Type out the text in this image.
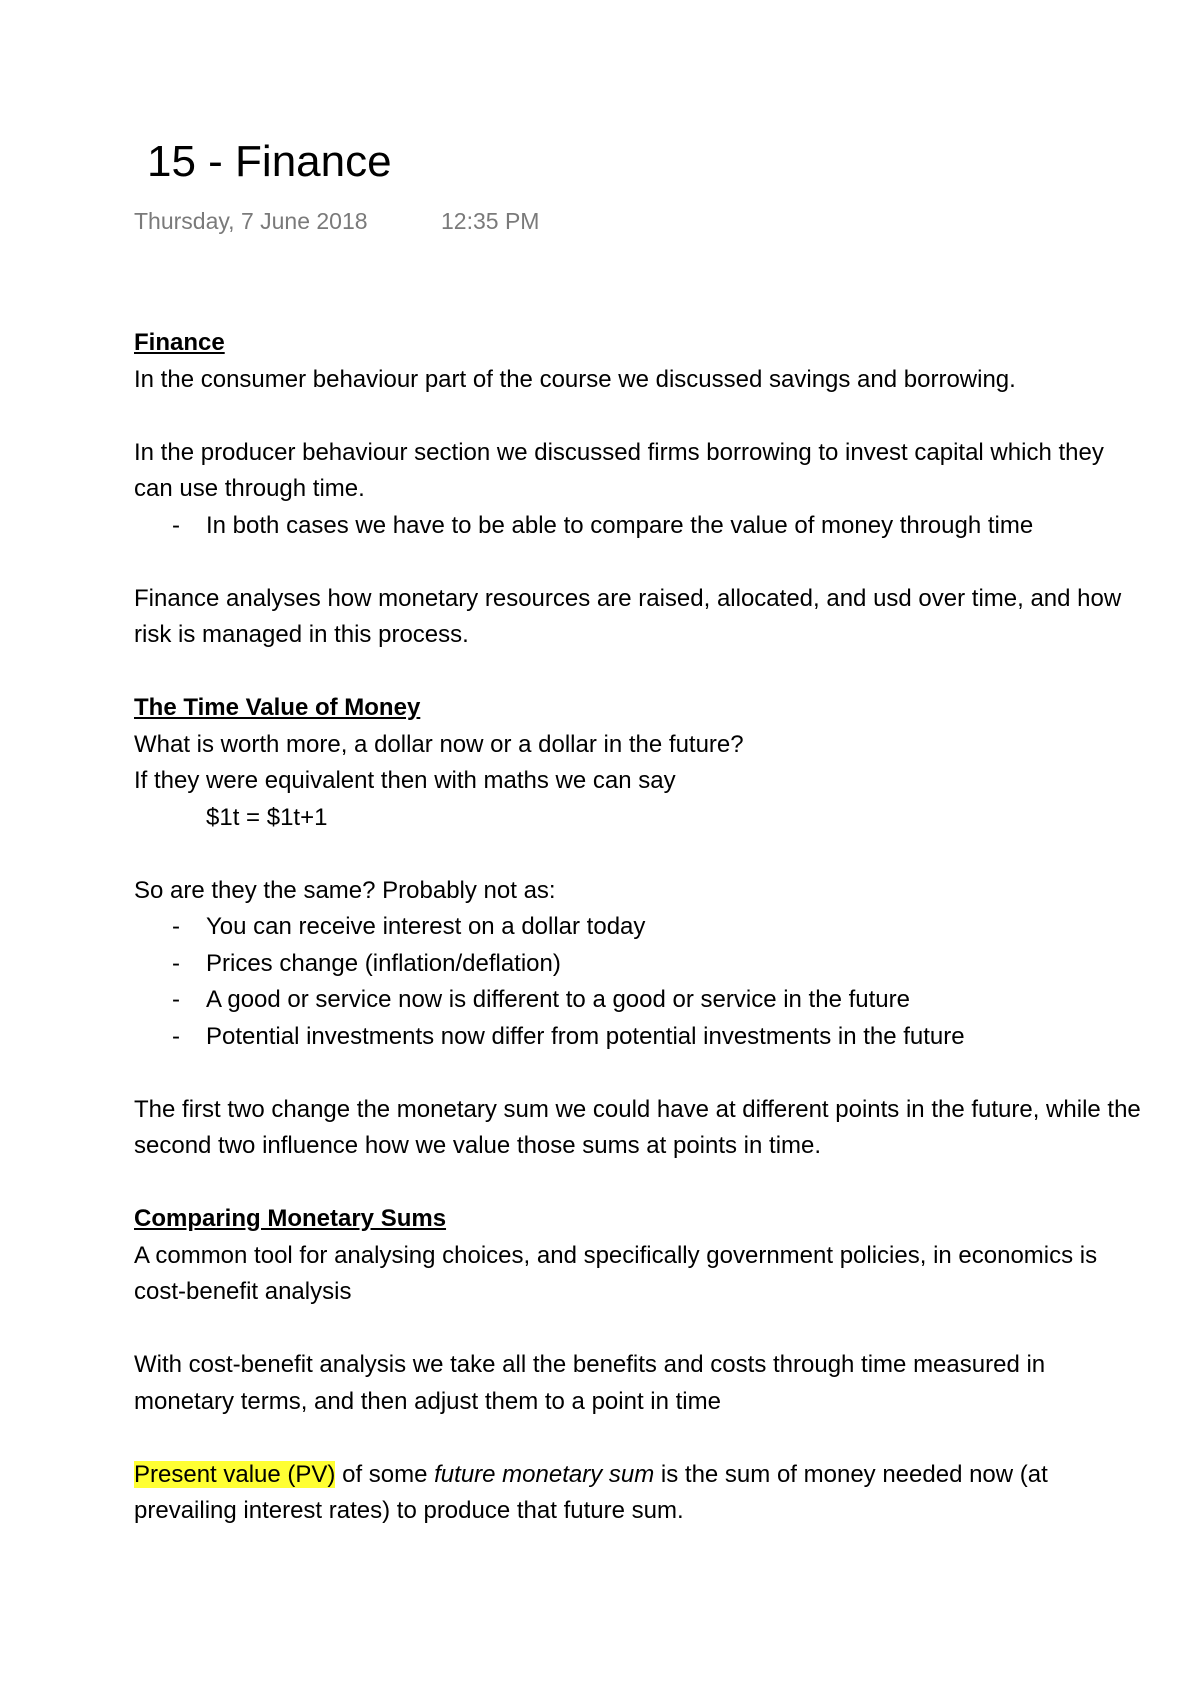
15 - Finance
Thursday, 7 June 2018	12:35 PM

Finance

In the consumer behaviour part of the course we discussed savings and borrowing.

In the producer behaviour section we discussed firms borrowing to invest capital which they can use through time.

- In both cases we have to be able to compare the value of money through time

Finance analyses how monetary resources are raised, allocated, and usd over time, and how risk is managed in this process.

The Time Value of Money

What is worth more, a dollar now or a dollar in the future?

If they were equivalent then with maths we can say

$1t = $1t+1

So are they the same? Probably not as:

- You can receive interest on a dollar today
- Prices change (inflation/deflation)
- A good or service now is different to a good or service in the future
- Potential investments now differ from potential investments in the future

The first two change the monetary sum we could have at different points in the future, while the second two influence how we value those sums at points in time.

Comparing Monetary Sums

A common tool for analysing choices, and specifically government policies, in economics is cost-benefit analysis

With cost-benefit analysis we take all the benefits and costs through time measured in monetary terms, and then adjust them to a point in time

Present value (PV) of some future monetary sum is the sum of money needed now (at prevailing interest rates) to produce that future sum.
